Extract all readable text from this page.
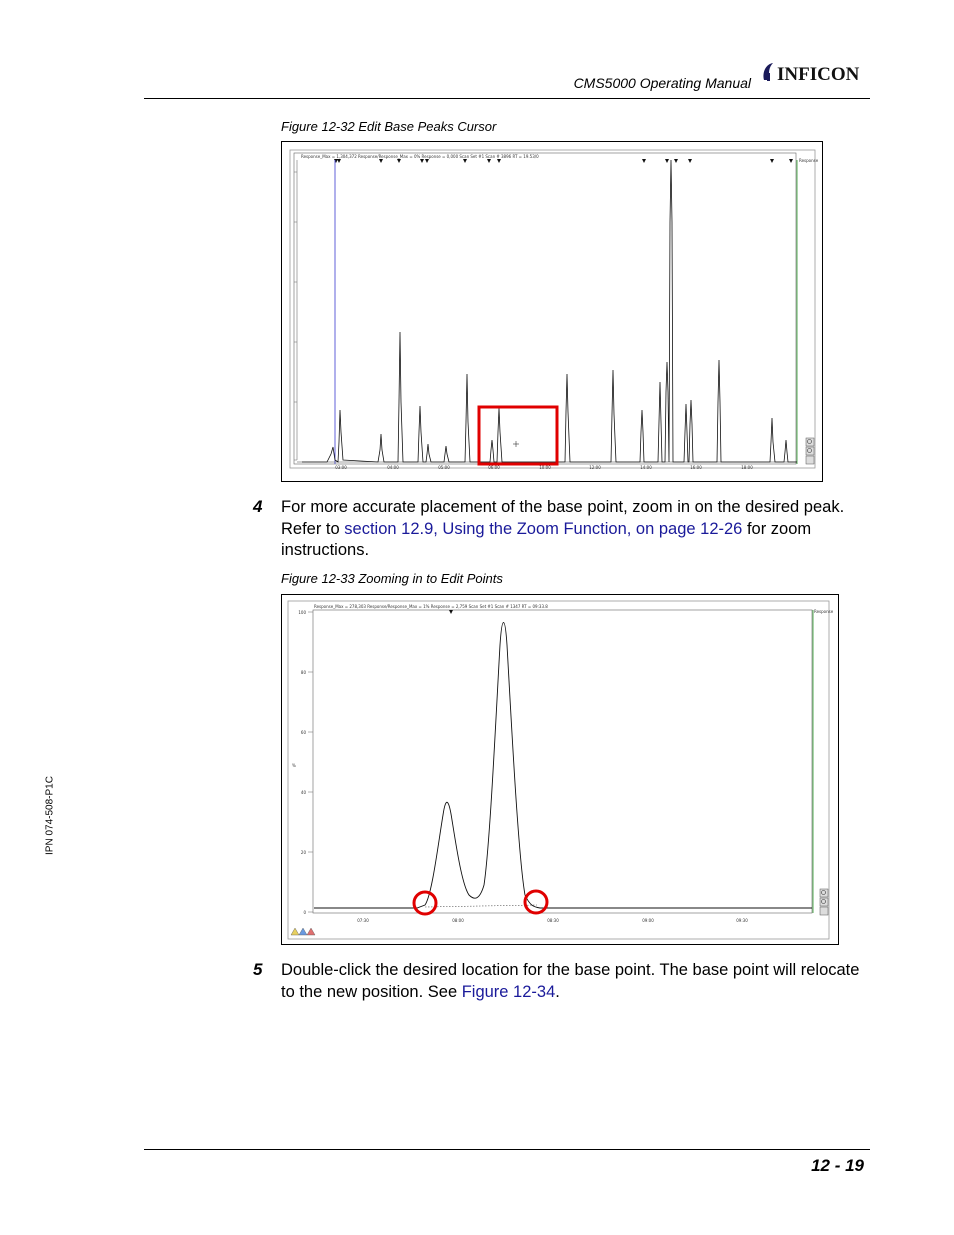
CMS5000 Operating Manual INFICON
IPN 074-508-P1C
Figure 12-32 Edit Base Peaks Cursor
Response_Max = 1,304,372 Response/Response_Max = 0% Response = 0,000 Scan Set #1 Scan # 3896 RT = 19.53/0
Response
03:00	04:00	05:00	06:00	10:00	12:00	14:00	16:00	18:00
4 For more accurate placement of the base point, zoom in on the desired peak. Refer to section 12.9, Using the Zoom Function, on page 12-26 for zoom instructions.
Figure 12-33 Zooming in to Edit Points
Response_Max = 278,303 Response/Response_Max = 1% Response = 2,759 Scan Set #1 Scan # 1347 RT = 09:33.8
Response
%
100
80
60
40
20
0
07:30	08:00	08:30	09:00	09:30
5 Double-click the desired location for the base point. The base point will relocate to the new position. See Figure 12-34.
12 - 19
